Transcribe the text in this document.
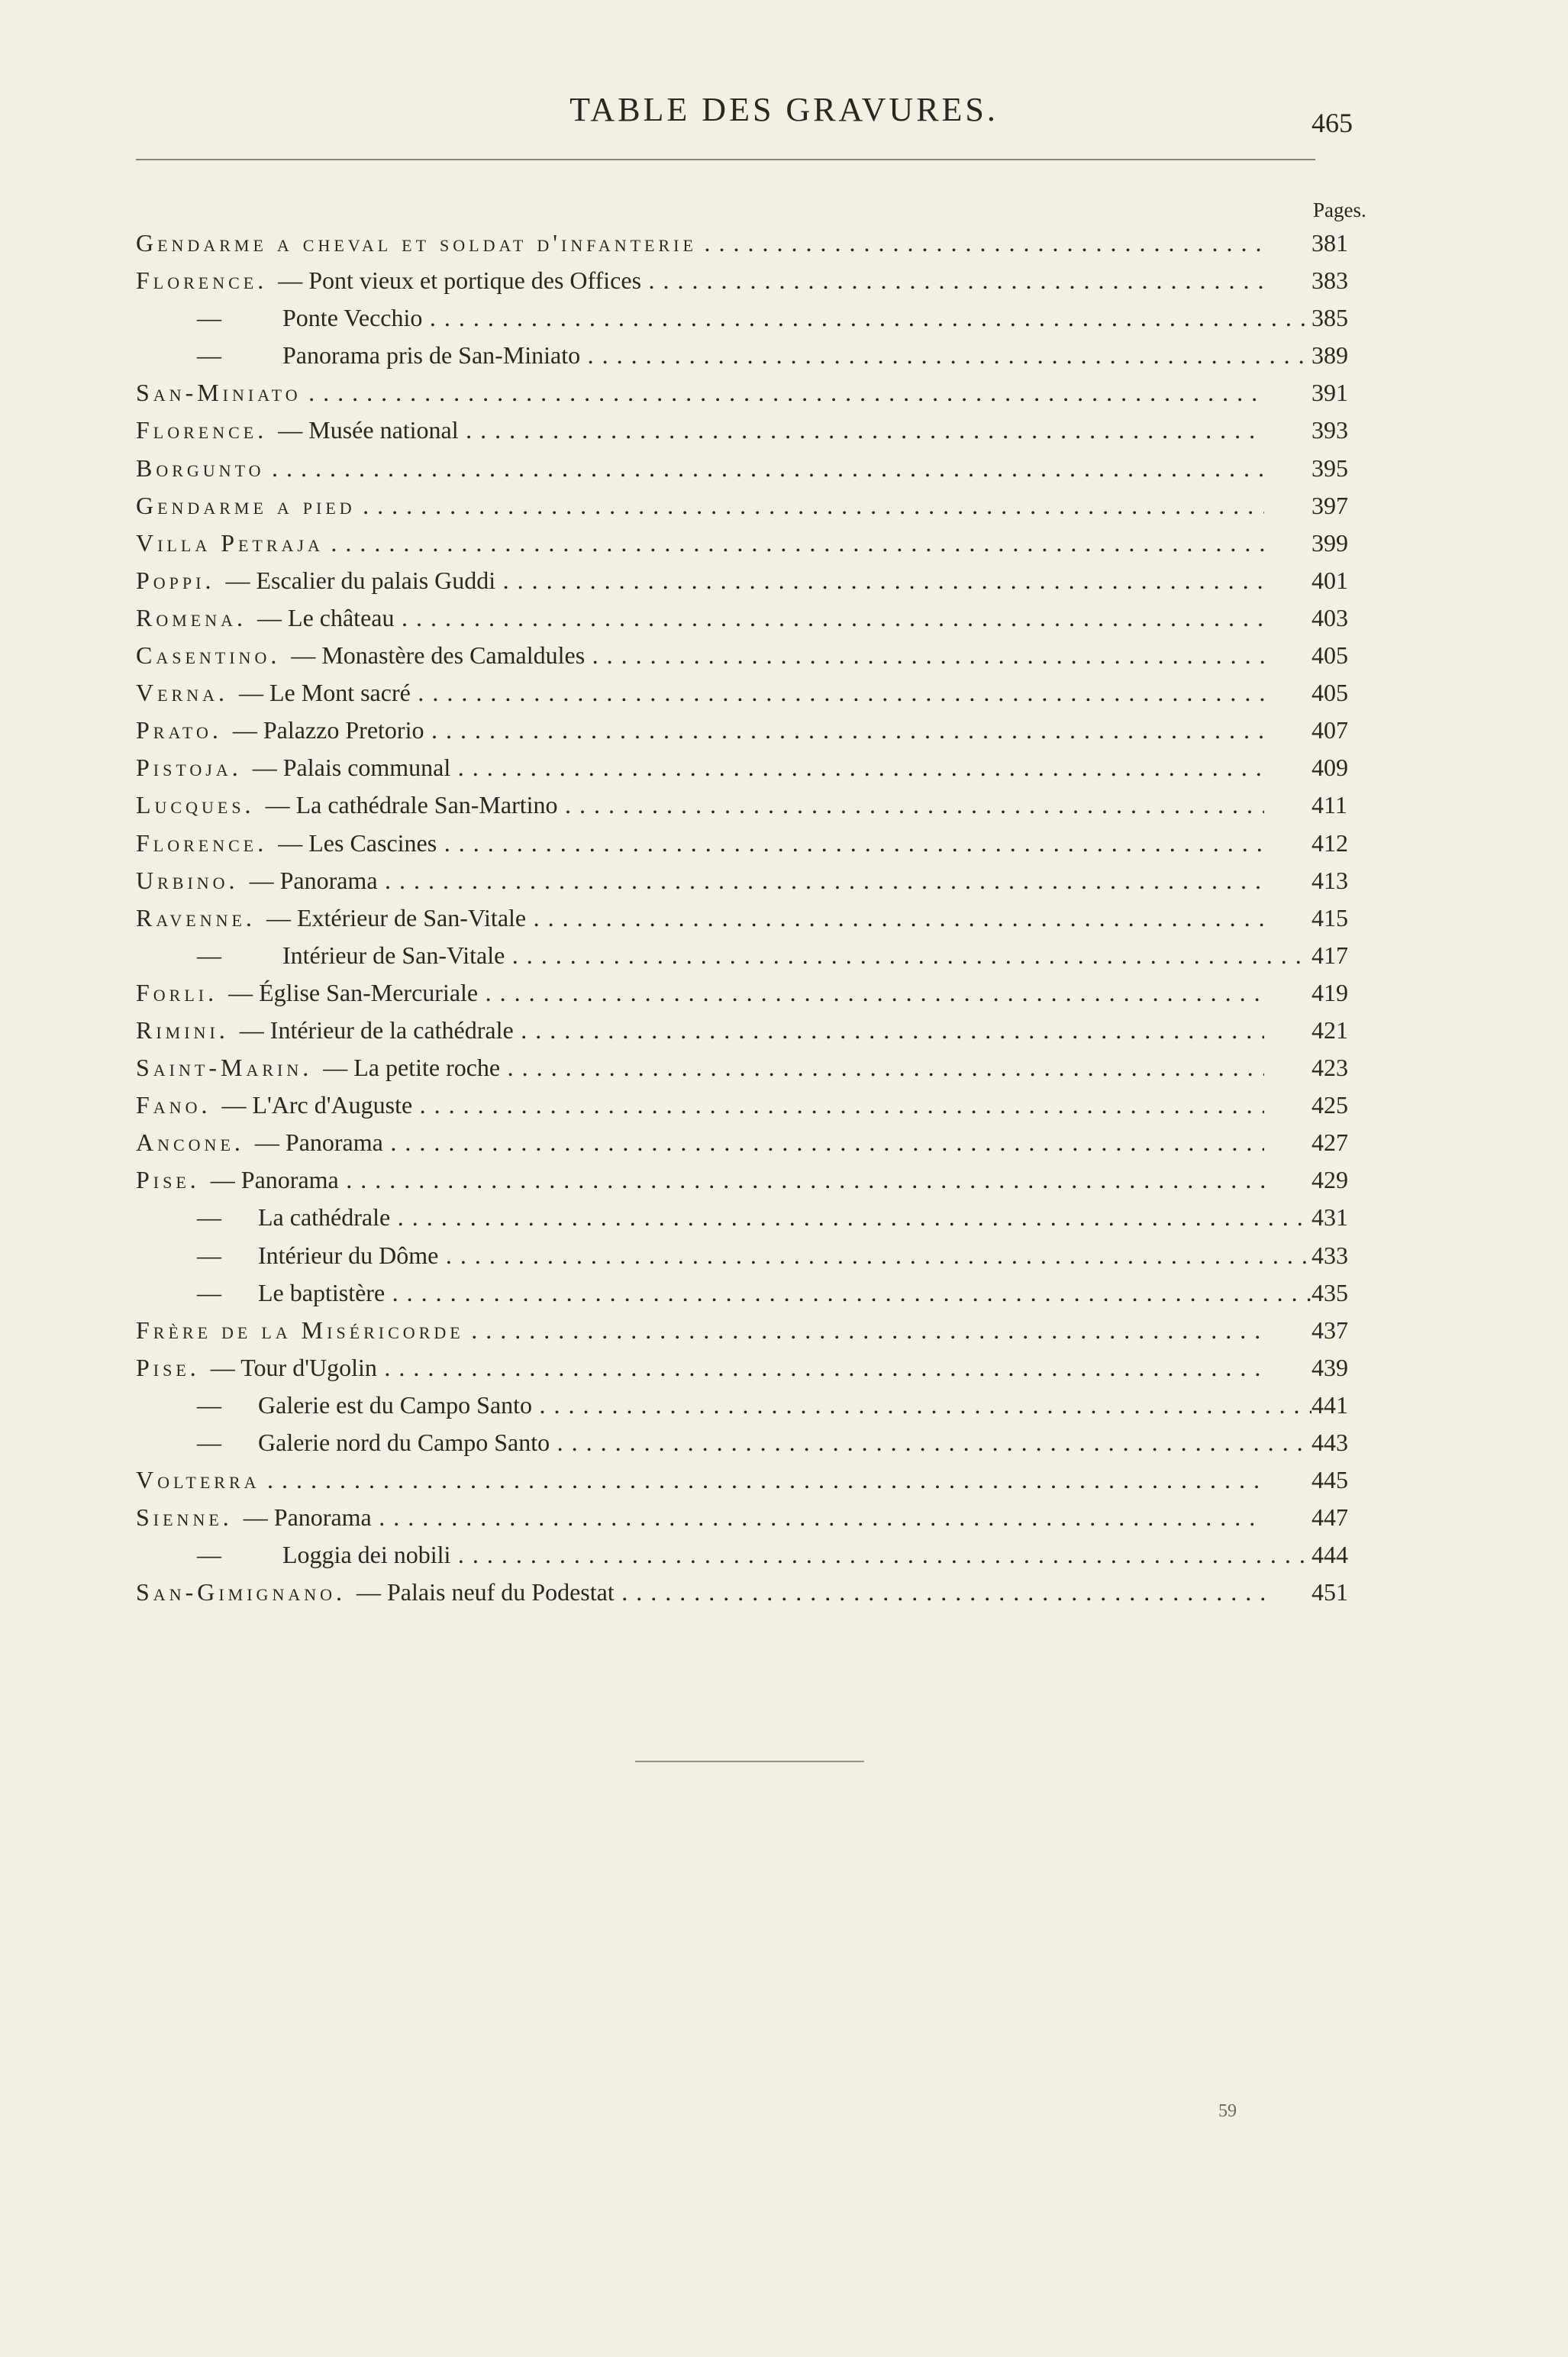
TABLE DES GRAVURES.	465
Pages.
Gendarme a cheval et soldat d'infanterie . . .	381
Florence. — Pont vieux et portique des Offices . . .	383
—          Ponte Vecchio . . .	385
—          Panorama pris de San-Miniato . . .	389
San-Miniato . . .	391
Florence. — Musée national . . .	393
Borgunto . . .	395
Gendarme a pied . . .	397
Villa Petraja . . .	399
Poppi. — Escalier du palais Guddi . . .	401
Romena. — Le château . . .	403
Casentino. — Monastère des Camaldules . . .	405
Verna. — Le Mont sacré . . .	405
Prato. — Palazzo Pretorio . . .	407
Pistoja. — Palais communal . . .	409
Lucques. — La cathédrale San-Martino . . .	411
Florence. — Les Cascines . . .	412
Urbino. — Panorama . . .	413
Ravenne. — Extérieur de San-Vitale . . .	415
—          Intérieur de San-Vitale . . .	417
Forli. — Église San-Mercuriale . . .	419
Rimini. — Intérieur de la cathédrale . . .	421
Saint-Marin. — La petite roche . . .	423
Fano. — L'Arc d'Auguste . . .	425
Ancone. — Panorama . . .	427
Pise. — Panorama . . .	429
—      La cathédrale . . .	431
—      Intérieur du Dôme . . .	433
—      Le baptistère . . .	435
Frère de la Miséricorde . . .	437
Pise. — Tour d'Ugolin . . .	439
—      Galerie est du Campo Santo . . .	441
—      Galerie nord du Campo Santo . . .	443
Volterra . . .	445
Sienne. — Panorama . . .	447
—          Loggia dei nobili . . .	444
San-Gimignano. — Palais neuf du Podestat . . .	451
59
